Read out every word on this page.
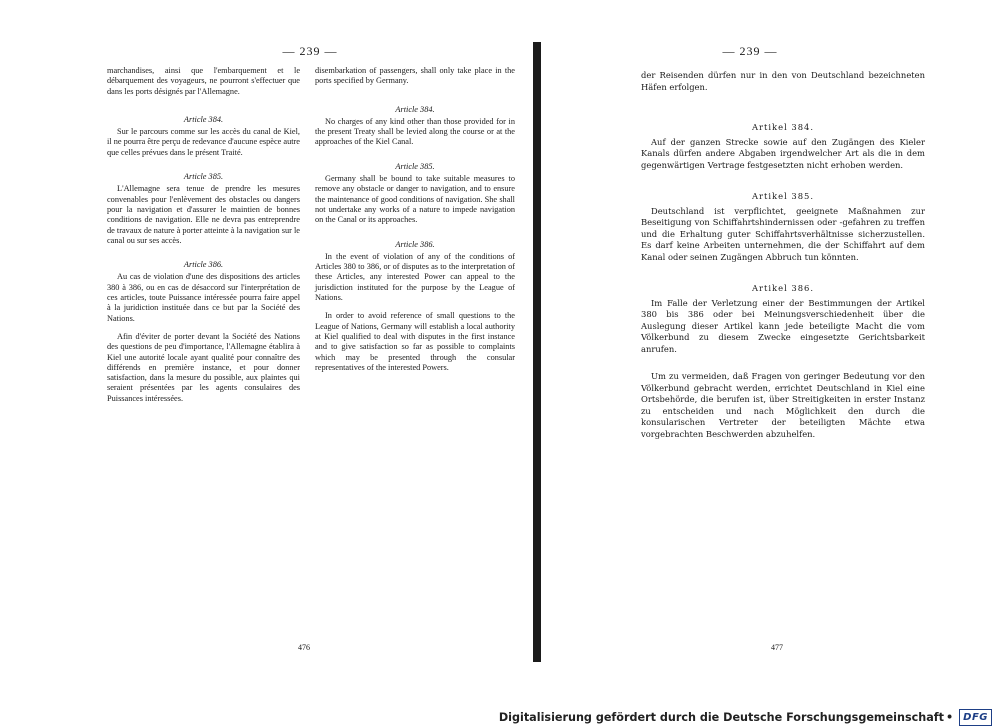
— 239 —

marchandises, ainsi que l'embarquement et le débarquement des voyageurs, ne pourront s'effectuer que dans les ports désignés par l'Allemagne.

Article 384.

Sur le parcours comme sur les accès du canal de Kiel, il ne pourra être perçu de redevance d'aucune espèce autre que celles prévues dans le présent Traité.

Article 385.

L'Allemagne sera tenue de prendre les mesures convenables pour l'enlèvement des obstacles ou dangers pour la navigation et d'assurer le maintien de bonnes conditions de navigation. Elle ne devra pas entreprendre de travaux de nature à porter atteinte à la navigation sur le canal ou sur ses accès.

Article 386.

Au cas de violation d'une des dispositions des articles 380 à 386, ou en cas de désaccord sur l'interprétation de ces articles, toute Puissance intéressée pourra faire appel à la juridiction instituée dans ce but par la Société des Nations.

Afin d'éviter de porter devant la Société des Nations des questions de peu d'importance, l'Allemagne établira à Kiel une autorité locale ayant qualité pour connaître des différends en première instance, et pour donner satisfaction, dans la mesure du possible, aux plaintes qui seraient présentées par les agents consulaires des Puissances intéressées.

disembarkation of passengers, shall only take place in the ports specified by Germany.

Article 384.

No charges of any kind other than those provided for in the present Treaty shall be levied along the course or at the approaches of the Kiel Canal.

Article 385.

Germany shall be bound to take suitable measures to remove any obstacle or danger to navigation, and to ensure the maintenance of good conditions of navigation. She shall not undertake any works of a nature to impede navigation on the Canal or its approaches.

Article 386.

In the event of violation of any of the conditions of Articles 380 to 386, or of disputes as to the interpretation of these Articles, any interested Power can appeal to the jurisdiction instituted for the purpose by the League of Nations.

In order to avoid reference of small questions to the League of Nations, Germany will establish a local authority at Kiel qualified to deal with disputes in the first instance and to give satisfaction so far as possible to complaints which may be presented through the consular representatives of the interested Powers.

476
— 239 —

der Reisenden dürfen nur in den von Deutschland bezeichneten Häfen erfolgen.

Artikel 384.

Auf der ganzen Strecke sowie auf den Zugängen des Kieler Kanals dürfen andere Abgaben irgendwelcher Art als die in dem gegenwärtigen Vertrage festgesetzten nicht erhoben werden.

Artikel 385.

Deutschland ist verpflichtet, geeignete Maßnahmen zur Beseitigung von Schiffahrtshindernissen oder -gefahren zu treffen und die Erhaltung guter Schiffahrtsverhältnisse sicherzustellen. Es darf keine Arbeiten unternehmen, die der Schiffahrt auf dem Kanal oder seinen Zugängen Abbruch tun könnten.

Artikel 386.

Im Falle der Verletzung einer der Bestimmungen der Artikel 380 bis 386 oder bei Meinungsverschiedenheit über die Auslegung dieser Artikel kann jede beteiligte Macht die vom Völkerbund zu diesem Zwecke eingesetzte Gerichtsbarkeit anrufen.

Um zu vermeiden, daß Fragen von geringer Bedeutung vor den Völkerbund gebracht werden, errichtet Deutschland in Kiel eine Ortsbehörde, die berufen ist, über Streitigkeiten in erster Instanz zu entscheiden und nach Möglichkeit den durch die konsularischen Vertreter der beteiligten Mächte etwa vorgebrachten Beschwerden abzuhelfen.

477
Digitalisierung gefördert durch die Deutsche Forschungsgemeinschaft •	DFG
